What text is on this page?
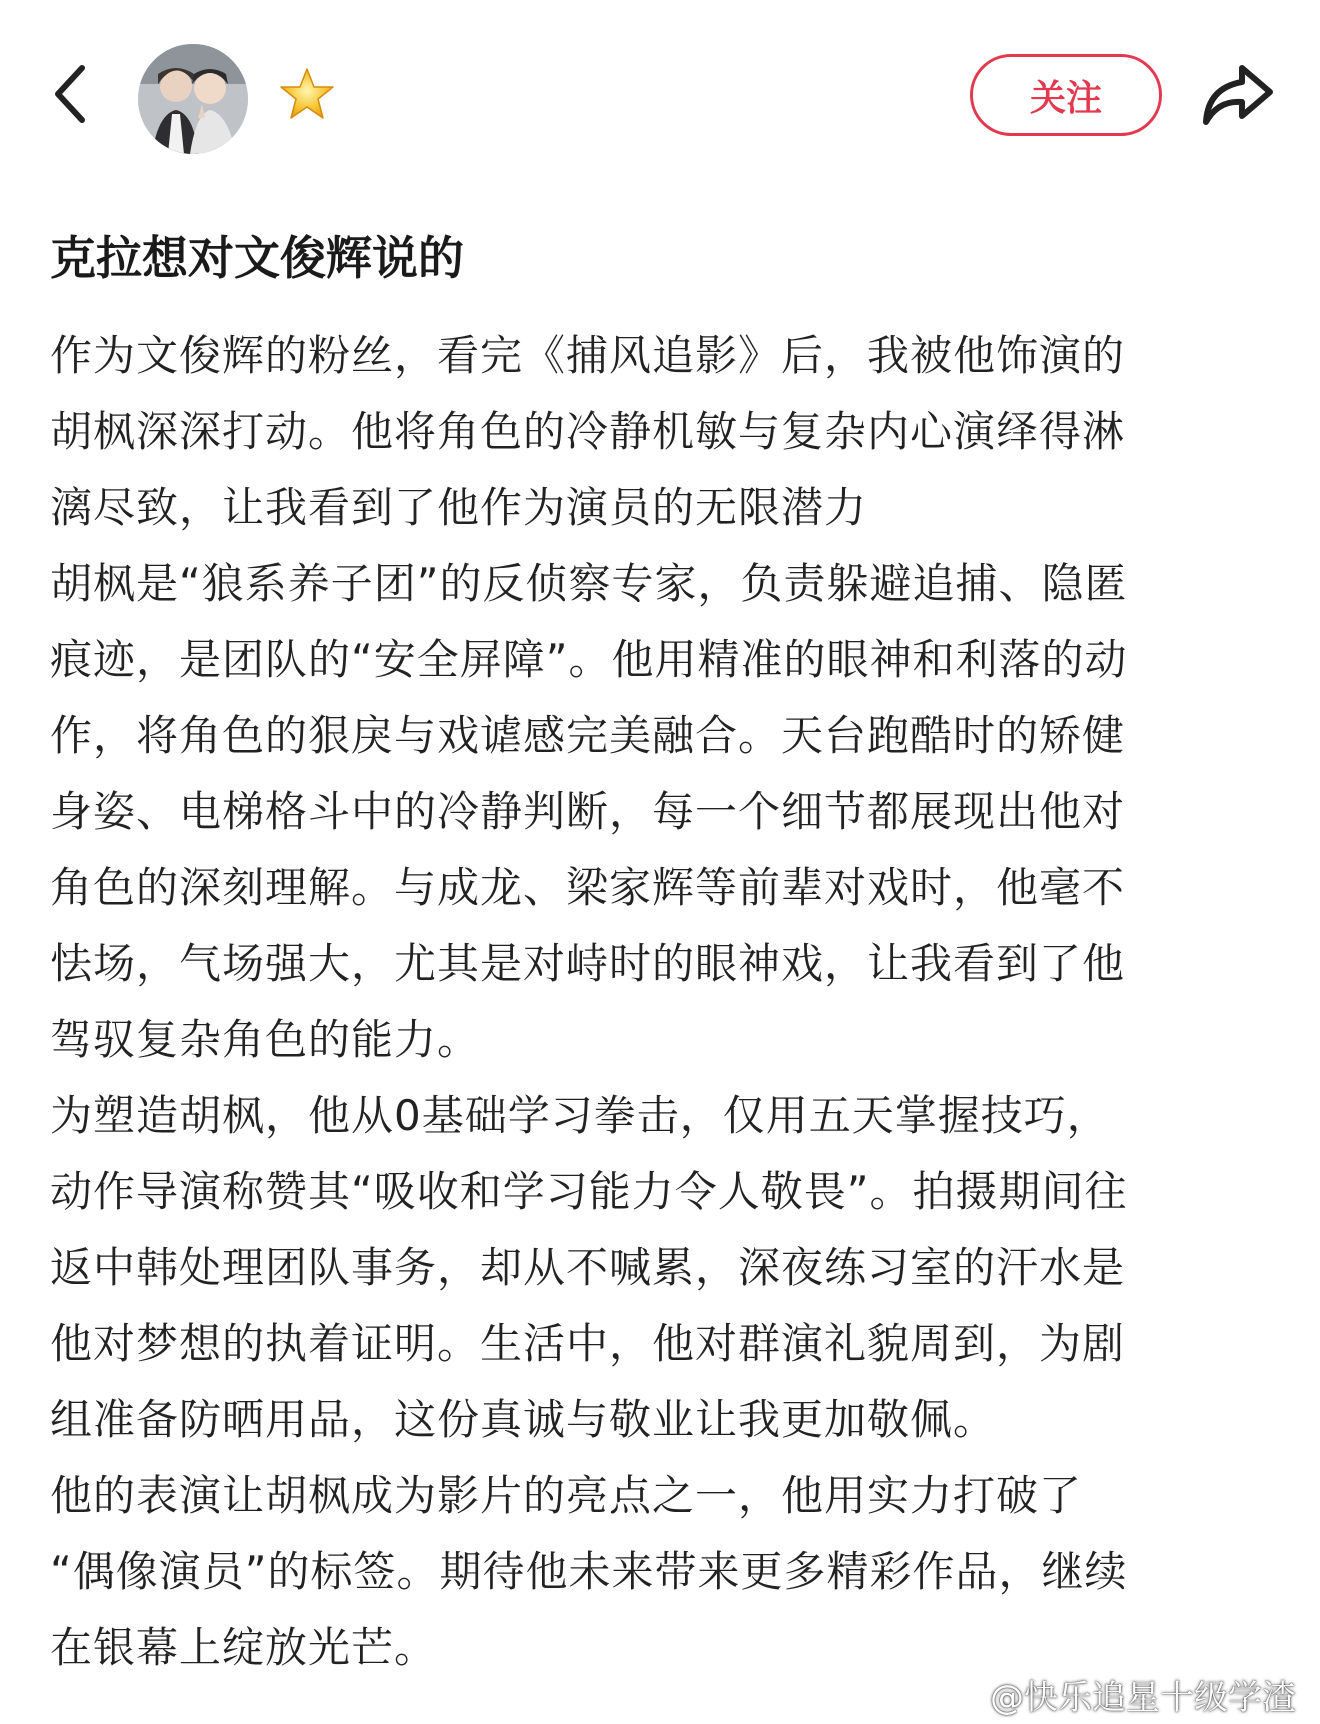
关注
克拉想对文俊辉说的
作为文俊辉的粉丝，看完《捕风追影》后，我被他饰演的
胡枫深深打动。他将角色的冷静机敏与复杂内心演绎得淋
漓尽致，让我看到了他作为演员的无限潜力
胡枫是“狼系养子团”的反侦察专家，负责躲避追捕、隐匿
痕迹，是团队的“安全屏障”。他用精准的眼神和利落的动
作，将角色的狠戾与戏谑感完美融合。天台跑酷时的矫健
身姿、电梯格斗中的冷静判断，每一个细节都展现出他对
角色的深刻理解。与成龙、梁家辉等前辈对戏时，他毫不
怯场，气场强大，尤其是对峙时的眼神戏，让我看到了他
驾驭复杂角色的能力。
为塑造胡枫，他从0基础学习拳击，仅用五天掌握技巧，
动作导演称赞其“吸收和学习能力令人敬畏”。拍摄期间往
返中韩处理团队事务，却从不喊累，深夜练习室的汗水是
他对梦想的执着证明。生活中，他对群演礼貌周到，为剧
组准备防晒用品，这份真诚与敬业让我更加敬佩。
他的表演让胡枫成为影片的亮点之一，他用实力打破了
“偶像演员”的标签。期待他未来带来更多精彩作品，继续
在银幕上绽放光芒。
@快乐追星十级学渣
